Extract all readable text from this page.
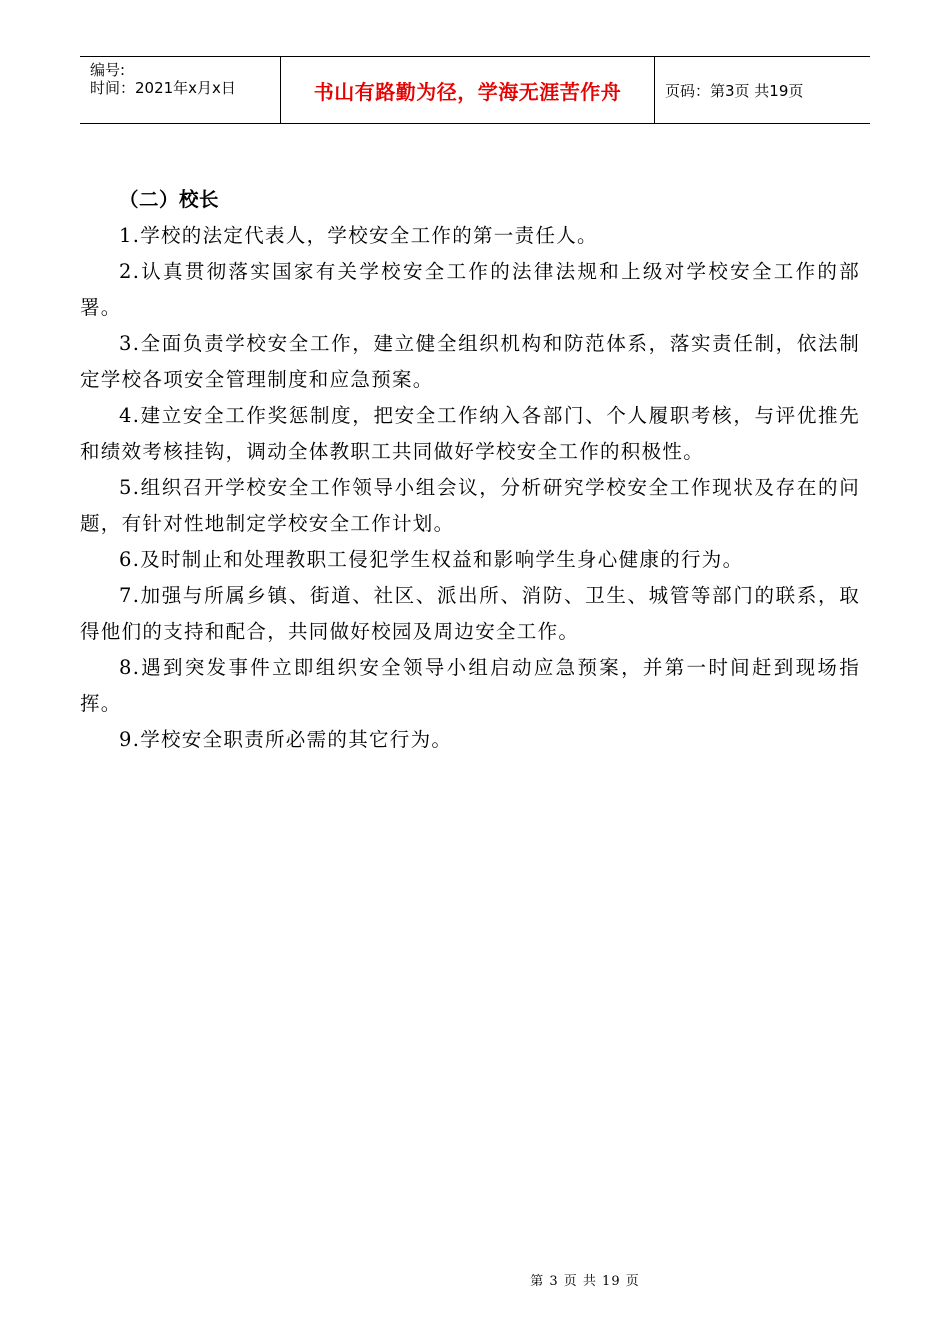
编号:
时间：2021年x月x日	书山有路勤为径，学海无涯苦作舟	页码：第3页 共19页

（二）校长

1.学校的法定代表人，学校安全工作的第一责任人。

2.认真贯彻落实国家有关学校安全工作的法律法规和上级对学校安全工作的部署。

3.全面负责学校安全工作，建立健全组织机构和防范体系，落实责任制，依法制定学校各项安全管理制度和应急预案。

4.建立安全工作奖惩制度，把安全工作纳入各部门、个人履职考核，与评优推先和绩效考核挂钩，调动全体教职工共同做好学校安全工作的积极性。

5.组织召开学校安全工作领导小组会议，分析研究学校安全工作现状及存在的问题，有针对性地制定学校安全工作计划。

6.及时制止和处理教职工侵犯学生权益和影响学生身心健康的行为。

7.加强与所属乡镇、街道、社区、派出所、消防、卫生、城管等部门的联系，取得他们的支持和配合，共同做好校园及周边安全工作。

8.遇到突发事件立即组织安全领导小组启动应急预案，并第一时间赶到现场指挥。

9.学校安全职责所必需的其它行为。

第 3 页 共 19 页
